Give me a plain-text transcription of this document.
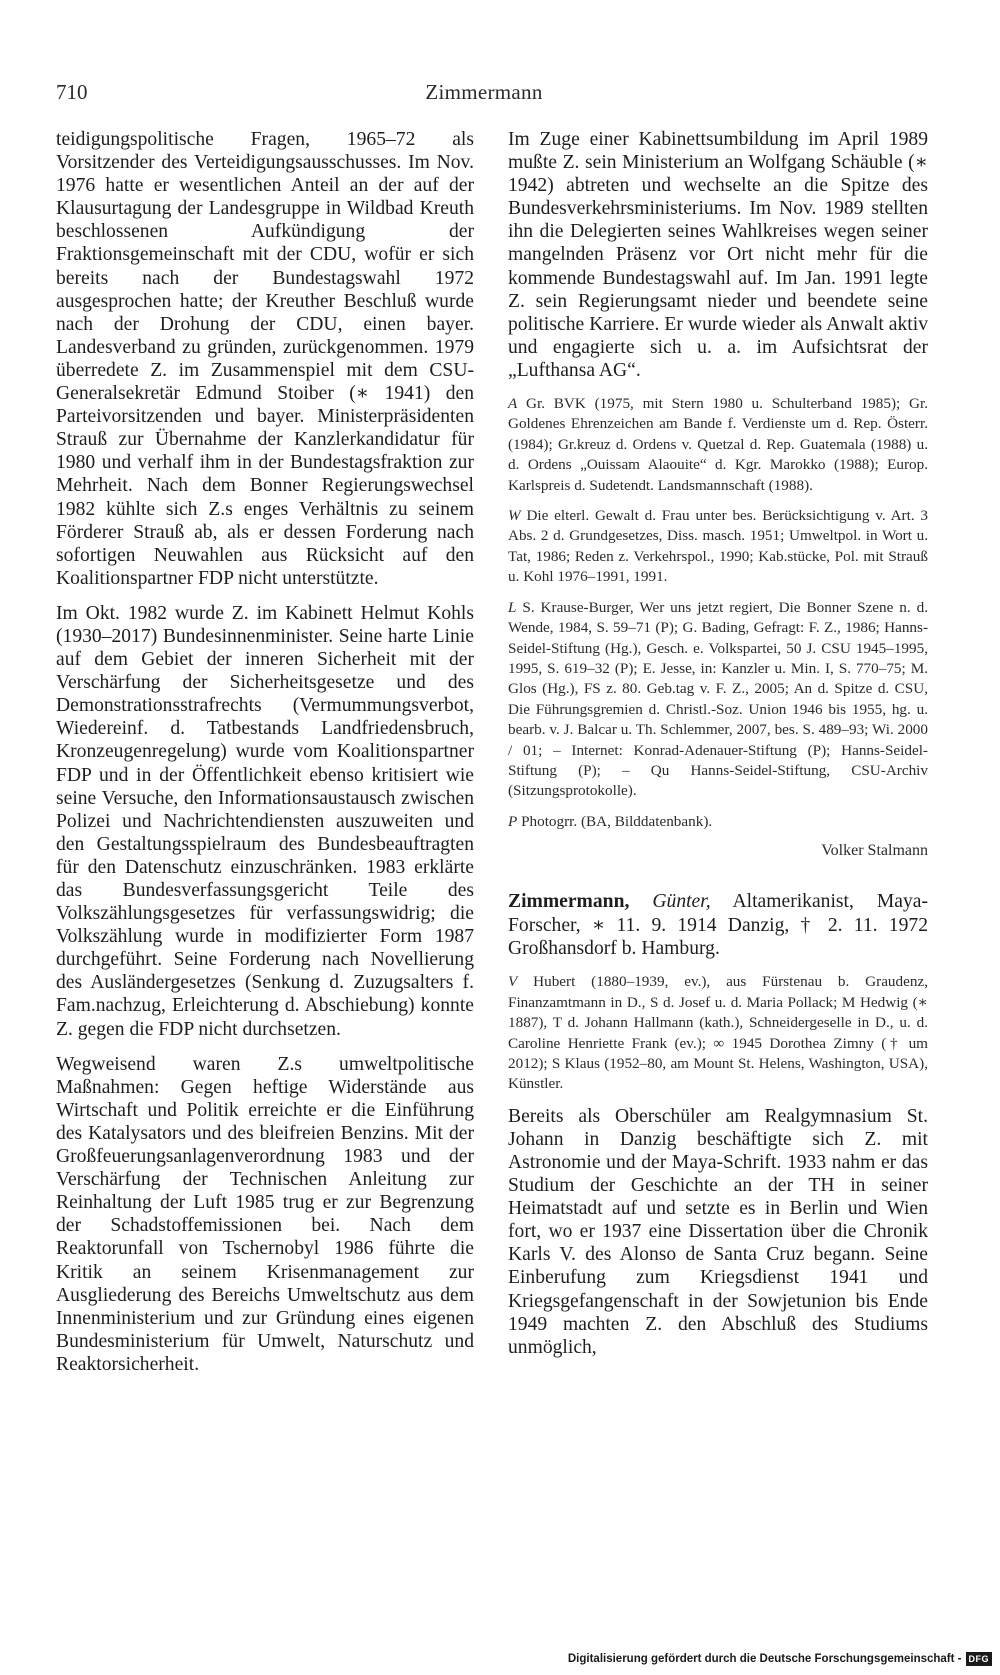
710	Zimmermann

teidigungspolitische Fragen, 1965–72 als Vorsitzender des Verteidigungsausschusses. Im Nov. 1976 hatte er wesentlichen Anteil an der auf der Klausurtagung der Landesgruppe in Wildbad Kreuth beschlossenen Aufkündigung der Fraktionsgemeinschaft mit der CDU, wofür er sich bereits nach der Bundestagswahl 1972 ausgesprochen hatte; der Kreuther Beschluß wurde nach der Drohung der CDU, einen bayer. Landesverband zu gründen, zurückgenommen. 1979 überredete Z. im Zusammenspiel mit dem CSU-Generalsekretär Edmund Stoiber (∗ 1941) den Parteivorsitzenden und bayer. Ministerpräsidenten Strauß zur Übernahme der Kanzlerkandidatur für 1980 und verhalf ihm in der Bundestagsfraktion zur Mehrheit. Nach dem Bonner Regierungswechsel 1982 kühlte sich Z.s enges Verhältnis zu seinem Förderer Strauß ab, als er dessen Forderung nach sofortigen Neuwahlen aus Rücksicht auf den Koalitionspartner FDP nicht unterstützte.

Im Okt. 1982 wurde Z. im Kabinett Helmut Kohls (1930–2017) Bundesinnenminister. Seine harte Linie auf dem Gebiet der inneren Sicherheit mit der Verschärfung der Sicherheitsgesetze und des Demonstrationsstrafrechts (Vermummungsverbot, Wiedereinf. d. Tatbestands Landfriedensbruch, Kronzeugenregelung) wurde vom Koalitionspartner FDP und in der Öffentlichkeit ebenso kritisiert wie seine Versuche, den Informationsaustausch zwischen Polizei und Nachrichtendiensten auszuweiten und den Gestaltungsspielraum des Bundesbeauftragten für den Datenschutz einzuschränken. 1983 erklärte das Bundesverfassungsgericht Teile des Volkszählungsgesetzes für verfassungswidrig; die Volkszählung wurde in modifizierter Form 1987 durchgeführt. Seine Forderung nach Novellierung des Ausländergesetzes (Senkung d. Zuzugsalters f. Fam.nachzug, Erleichterung d. Abschiebung) konnte Z. gegen die FDP nicht durchsetzen.

Wegweisend waren Z.s umweltpolitische Maßnahmen: Gegen heftige Widerstände aus Wirtschaft und Politik erreichte er die Einführung des Katalysators und des bleifreien Benzins. Mit der Großfeuerungsanlagenverordnung 1983 und der Verschärfung der Technischen Anleitung zur Reinhaltung der Luft 1985 trug er zur Begrenzung der Schadstoffemissionen bei. Nach dem Reaktorunfall von Tschernobyl 1986 führte die Kritik an seinem Krisenmanagement zur Ausgliederung des Bereichs Umweltschutz aus dem Innenministerium und zur Gründung eines eigenen Bundesministerium für Umwelt, Naturschutz und Reaktorsicherheit.

Im Zuge einer Kabinettsumbildung im April 1989 mußte Z. sein Ministerium an Wolfgang Schäuble (∗ 1942) abtreten und wechselte an die Spitze des Bundesverkehrsministeriums. Im Nov. 1989 stellten ihn die Delegierten seines Wahlkreises wegen seiner mangelnden Präsenz vor Ort nicht mehr für die kommende Bundestagswahl auf. Im Jan. 1991 legte Z. sein Regierungsamt nieder und beendete seine politische Karriere. Er wurde wieder als Anwalt aktiv und engagierte sich u. a. im Aufsichtsrat der „Lufthansa AG“.

A Gr. BVK (1975, mit Stern 1980 u. Schulterband 1985); Gr. Goldenes Ehrenzeichen am Bande f. Verdienste um d. Rep. Österr. (1984); Gr.kreuz d. Ordens v. Quetzal d. Rep. Guatemala (1988) u. d. Ordens „Ouissam Alaouite“ d. Kgr. Marokko (1988); Europ. Karlspreis d. Sudetendt. Landsmannschaft (1988).

W Die elterl. Gewalt d. Frau unter bes. Berücksichtigung v. Art. 3 Abs. 2 d. Grundgesetzes, Diss. masch. 1951; Umweltpol. in Wort u. Tat, 1986; Reden z. Verkehrspol., 1990; Kab.stücke, Pol. mit Strauß u. Kohl 1976–1991, 1991.

L S. Krause-Burger, Wer uns jetzt regiert, Die Bonner Szene n. d. Wende, 1984, S. 59–71 (P); G. Bading, Gefragt: F. Z., 1986; Hanns-Seidel-Stiftung (Hg.), Gesch. e. Volkspartei, 50 J. CSU 1945–1995, 1995, S. 619–32 (P); E. Jesse, in: Kanzler u. Min. I, S. 770–75; M. Glos (Hg.), FS z. 80. Geb.tag v. F. Z., 2005; An d. Spitze d. CSU, Die Führungsgremien d. Christl.-Soz. Union 1946 bis 1955, hg. u. bearb. v. J. Balcar u. Th. Schlemmer, 2007, bes. S. 489–93; Wi. 2000 / 01; – Internet: Konrad-Adenauer-Stiftung (P); Hanns-Seidel-Stiftung (P); – Qu Hanns-Seidel-Stiftung, CSU-Archiv (Sitzungsprotokolle).

P Photogrr. (BA, Bilddatenbank).

Volker Stalmann

Zimmermann, Günter, Altamerikanist, Maya-Forscher, ∗ 11. 9. 1914 Danzig, † 2. 11. 1972 Großhansdorf b. Hamburg.

V Hubert (1880–1939, ev.), aus Fürstenau b. Graudenz, Finanzamtmann in D., S d. Josef u. d. Maria Pollack; M Hedwig (∗ 1887), T d. Johann Hallmann (kath.), Schneidergeselle in D., u. d. Caroline Henriette Frank (ev.); ∞ 1945 Dorothea Zimny († um 2012); S Klaus (1952–80, am Mount St. Helens, Washington, USA), Künstler.

Bereits als Oberschüler am Realgymnasium St. Johann in Danzig beschäftigte sich Z. mit Astronomie und der Maya-Schrift. 1933 nahm er das Studium der Geschichte an der TH in seiner Heimatstadt auf und setzte es in Berlin und Wien fort, wo er 1937 eine Dissertation über die Chronik Karls V. des Alonso de Santa Cruz begann. Seine Einberufung zum Kriegsdienst 1941 und Kriegsgefangenschaft in der Sowjetunion bis Ende 1949 machten Z. den Abschluß des Studiums unmöglich,

Digitalisierung gefördert durch die Deutsche Forschungsgemeinschaft - DFG
